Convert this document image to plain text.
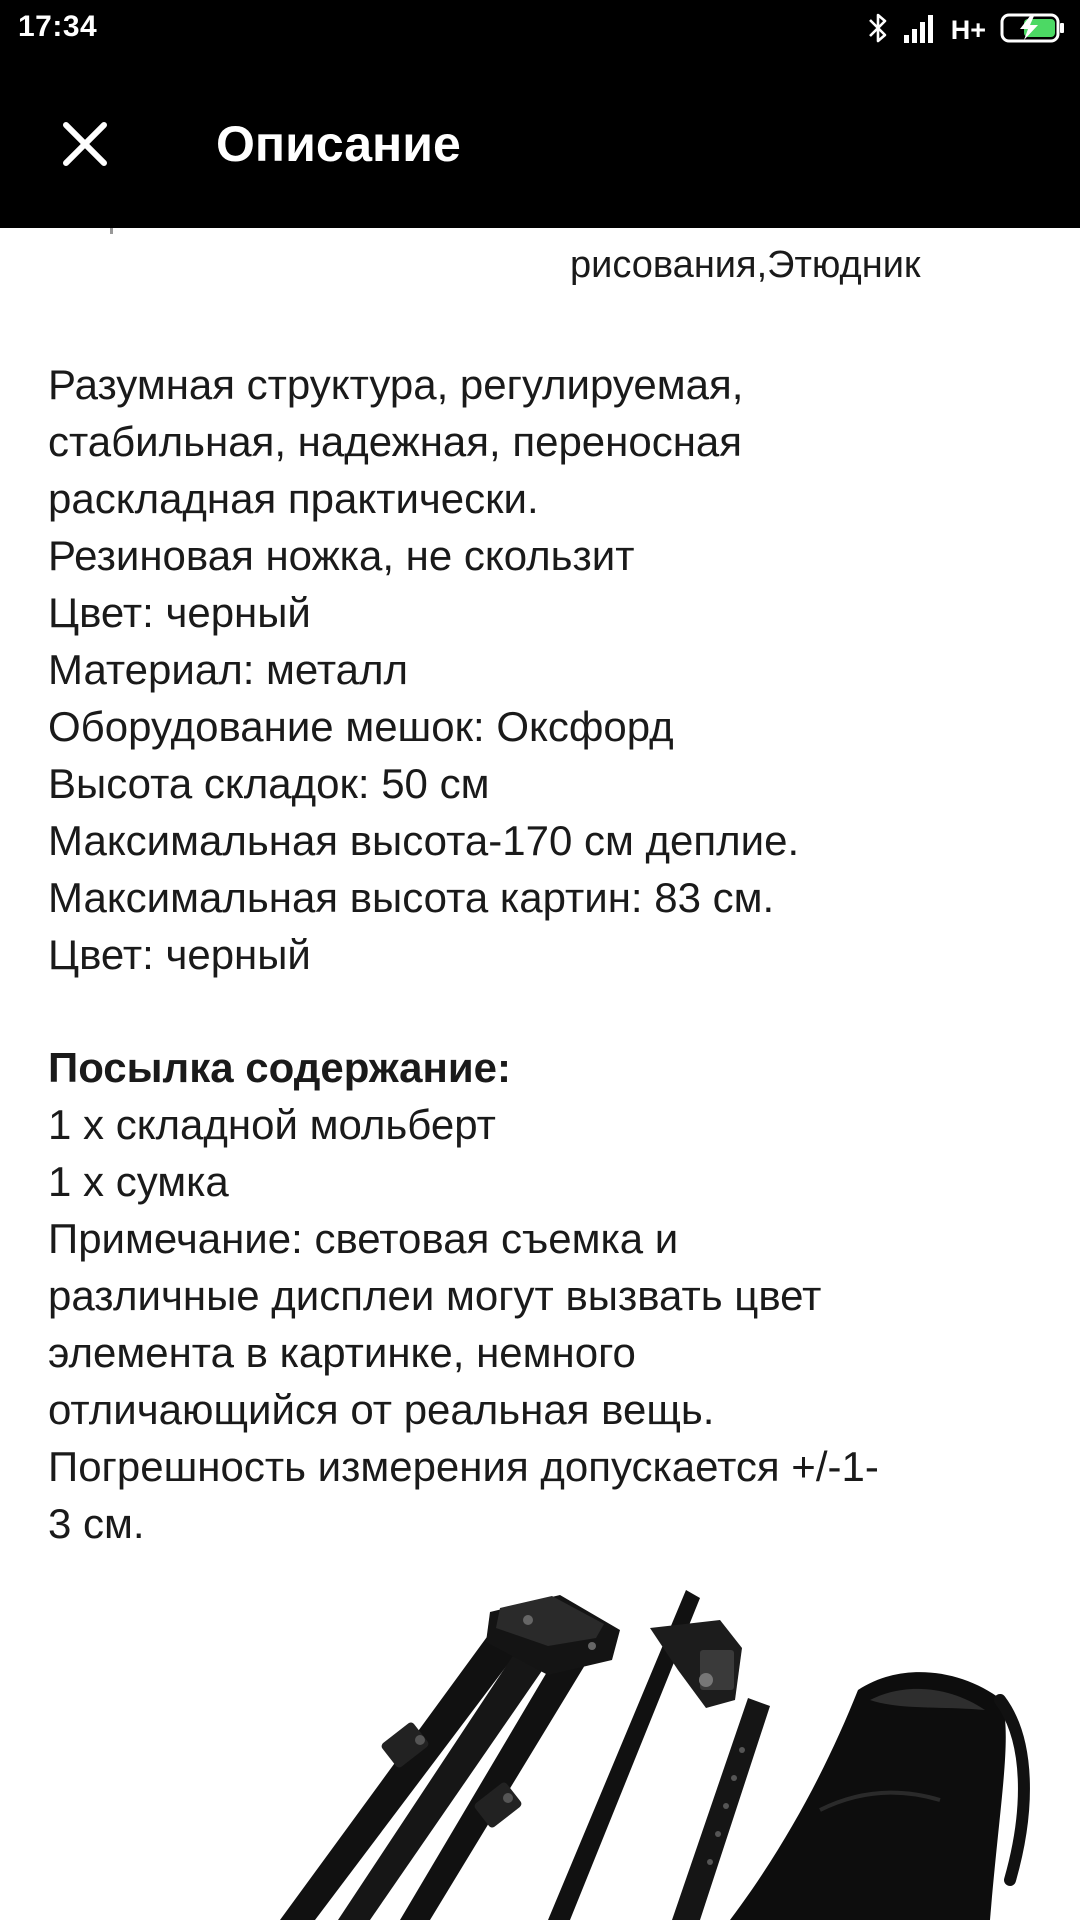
17:34	H+
Описание
рисования,Этюдник
Разумная структура, регулируемая,
стабильная, надежная, переносная
раскладная практически.
Резиновая ножка, не скользит
Цвет: черный
Материал: металл
Оборудование мешок: Оксфорд
Высота складок: 50 см
Максимальная высота-170 см деплие.
Максимальная высота картин: 83 см.
Цвет: черный
Посылка содержание:
1 x складной мольберт
1 x сумка
Примечание: световая съемка и
различные дисплеи могут вызвать цвет
элемента в картинке, немного
отличающийся от реальная вещь.
Погрешность измерения допускается +/-1-
3 см.
